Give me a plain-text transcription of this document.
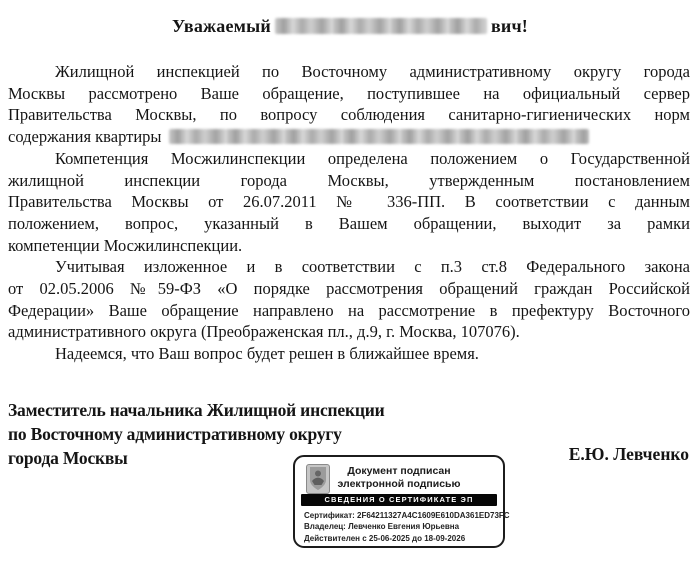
Уважаемый	вич!
Жилищной инспекцией по Восточному административному округу города
Москвы рассмотрено Ваше обращение, поступившее на официальный сервер
Правительства Москвы, по вопросу соблюдения санитарно-гигиенических норм
содержания квартиры
Компетенция Мосжилинспекции определена положением о Государственной
жилищной инспекции города Москвы, утвержденным постановлением
Правительства Москвы от 26.07.2011 № 336-ПП. В соответствии с данным
положением, вопрос, указанный в Вашем обращении, выходит за рамки
компетенции Мосжилинспекции.
Учитывая изложенное и в соответствии с п.3 ст.8 Федерального закона
от 02.05.2006 №59-ФЗ «О порядке рассмотрения обращений граждан Российской
Федерации» Ваше обращение направлено на рассмотрение в префектуру Восточного
административного округа (Преображенская пл., д.9, г. Москва, 107076).
Надеемся, что Ваш вопрос будет решен в ближайшее время.
Заместитель начальника Жилищной инспекции
по Восточному административному округу
города Москвы	Е.Ю. Левченко
Документ подписан
электронной подписью
СВЕДЕНИЯ О СЕРТИФИКАТЕ ЭП
Сертификат: 2F64211327A4C1609E610DA361ED73FC
Владелец: Левченко Евгения Юрьевна
Действителен с 25-06-2025 до 18-09-2026
